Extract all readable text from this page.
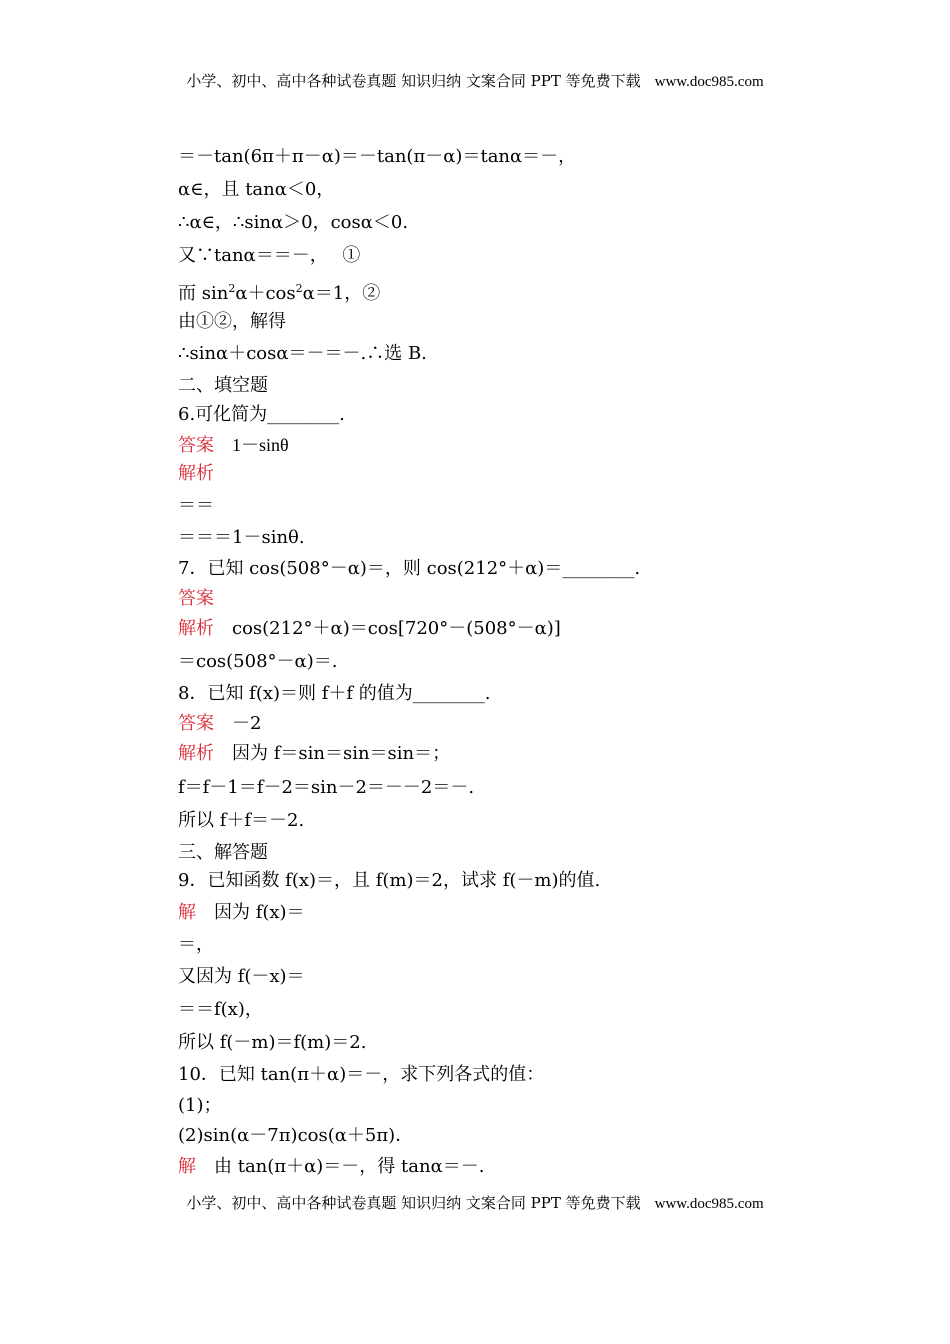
小学、初中、高中各种试卷真题 知识归纳 文案合同 PPT 等免费下载 www.doc985.com
＝－tan(6π＋π－α)＝－tan(π－α)＝tanα＝－，
α∈，且 tanα＜0，
∴α∈，∴sinα＞0，cosα＜0.
又∵tanα＝＝－，　 ①
而 $\sin^2\alpha+\cos^2\alpha=1$，②
由①②，解得
∴sinα＋cosα＝－＝－.∴选 B.
二、填空题
6.可化简为________.
答案 1－sinθ
解析
＝＝
＝＝＝1－sinθ.
7．已知 cos(508°－α)＝，则 cos(212°＋α)＝________.
答案
解析 cos(212°＋α)＝cos[720°－(508°－α)]
＝cos(508°－α)＝.
8．已知 f(x)＝则 f＋f 的值为________.
答案 －2
解析 因为 f＝sin＝sin＝sin＝；
f＝f－1＝f－2＝sin－2＝－－2＝－.
所以 f＋f＝－2.
三、解答题
9．已知函数 f(x)＝，且 f(m)＝2，试求 f(－m)的值.
解 因为 f(x)＝
＝，
又因为 f(－x)＝
＝＝f(x)，
所以 f(－m)＝f(m)＝2.
10．已知 tan(π＋α)＝－，求下列各式的值：
(1)；
(2)sin(α－7π)cos(α＋5π)．
解 由 tan(π＋α)＝－，得 tanα＝－.
小学、初中、高中各种试卷真题 知识归纳 文案合同 PPT 等免费下载 www.doc985.com
